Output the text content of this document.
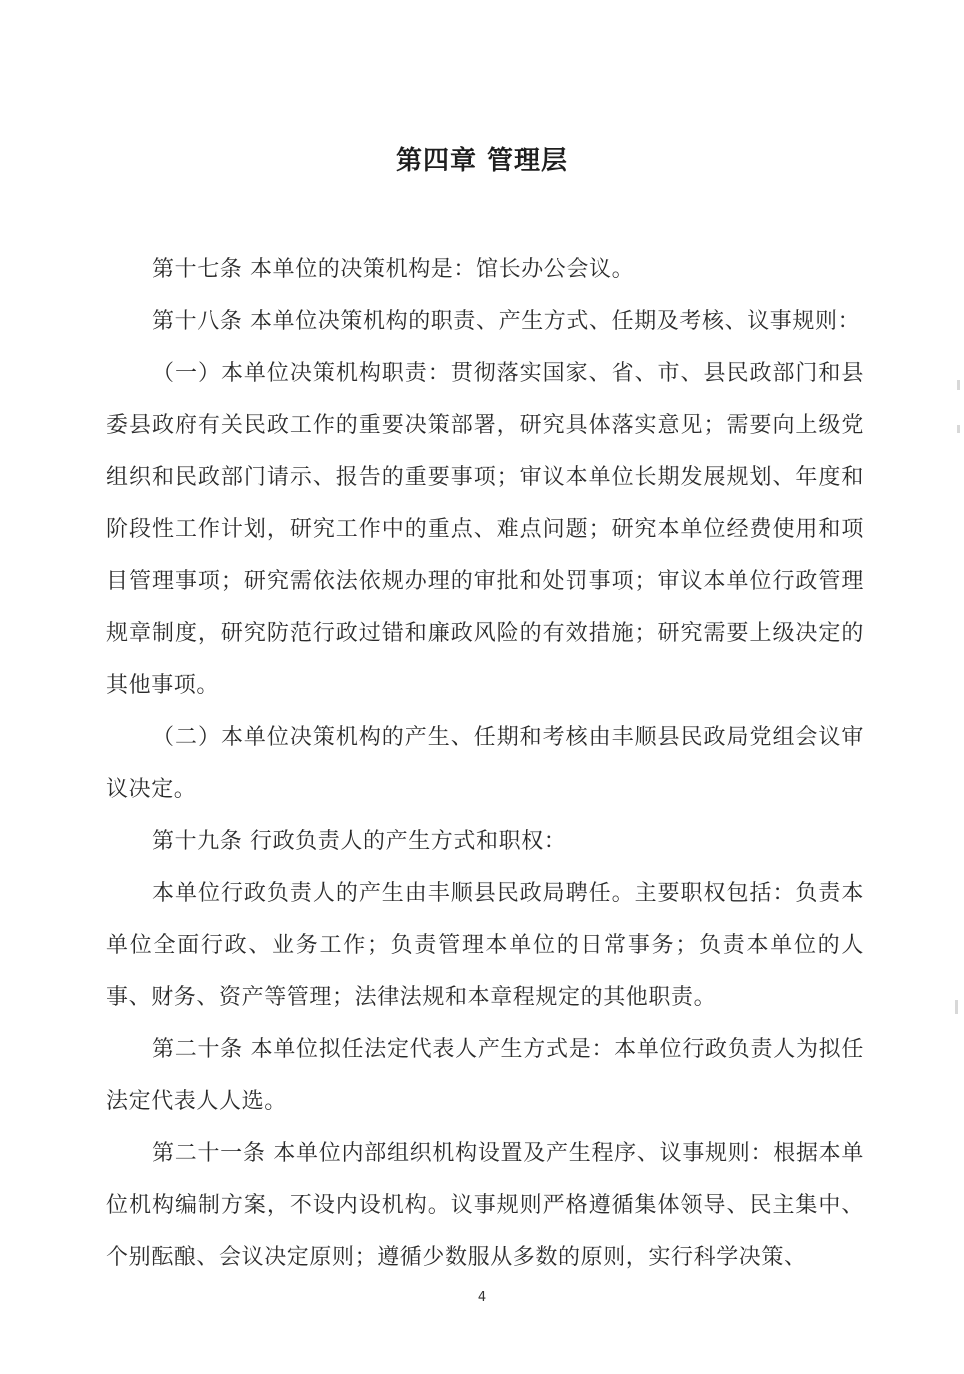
第四章 管理层

第十七条 本单位的决策机构是：馆长办公会议。

第十八条 本单位决策机构的职责、产生方式、任期及考核、议事规则：

（一）本单位决策机构职责：贯彻落实国家、省、市、县民政部门和县委县政府有关民政工作的重要决策部署，研究具体落实意见；需要向上级党组织和民政部门请示、报告的重要事项；审议本单位长期发展规划、年度和阶段性工作计划，研究工作中的重点、难点问题；研究本单位经费使用和项目管理事项；研究需依法依规办理的审批和处罚事项；审议本单位行政管理规章制度，研究防范行政过错和廉政风险的有效措施；研究需要上级决定的其他事项。

（二）本单位决策机构的产生、任期和考核由丰顺县民政局党组会议审议决定。

第十九条 行政负责人的产生方式和职权：

本单位行政负责人的产生由丰顺县民政局聘任。主要职权包括：负责本单位全面行政、业务工作；负责管理本单位的日常事务；负责本单位的人事、财务、资产等管理；法律法规和本章程规定的其他职责。

第二十条 本单位拟任法定代表人产生方式是：本单位行政负责人为拟任法定代表人人选。

第二十一条 本单位内部组织机构设置及产生程序、议事规则：根据本单位机构编制方案，不设内设机构。议事规则严格遵循集体领导、民主集中、个别酝酿、会议决定原则；遵循少数服从多数的原则，实行科学决策、

4
